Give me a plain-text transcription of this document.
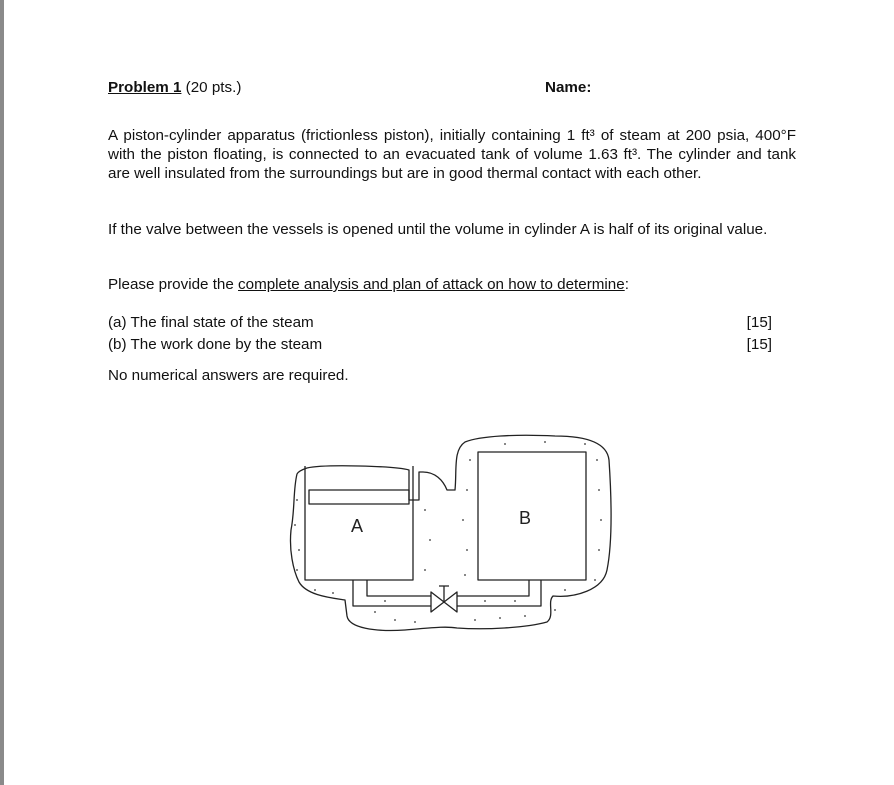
Problem 1 (20 pts.)	Name:

A piston-cylinder apparatus (frictionless piston), initially containing 1 ft³ of steam at 200 psia, 400°F with the piston floating, is connected to an evacuated tank of volume 1.63 ft³. The cylinder and tank are well insulated from the surroundings but are in good thermal contact with each other.

If the valve between the vessels is opened until the volume in cylinder A is half of its original value.

Please provide the complete analysis and plan of attack on how to determine:

(a) The final state of the steam	[15]
(b) The work done by the steam	[15]

No numerical answers are required.

A	B
